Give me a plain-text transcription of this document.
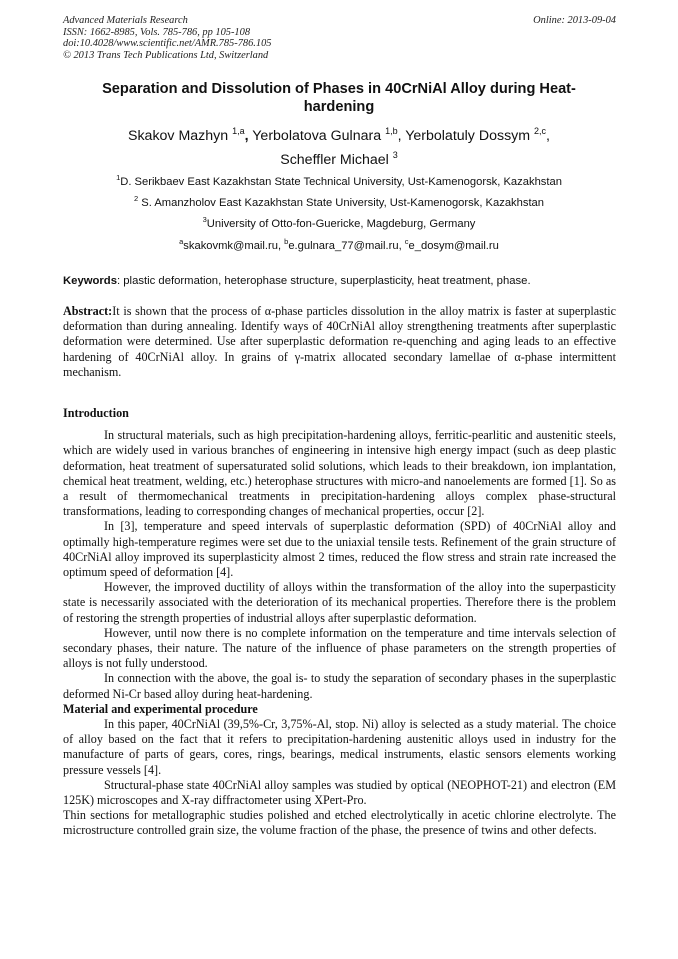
Advanced Materials Research
ISSN: 1662-8985, Vols. 785-786, pp 105-108
doi:10.4028/www.scientific.net/AMR.785-786.105
© 2013 Trans Tech Publications Ltd, Switzerland
Online: 2013-09-04
Separation and Dissolution of Phases in 40CrNiAl Alloy during Heat-hardening
Skakov Mazhyn $^{1,a}$, Yerbolatova Gulnara $^{1,b}$, Yerbolatuly Dossym $^{2,c}$,
Scheffler Michael $^3$
$^1$D. Serikbaev East Kazakhstan State Technical University, Ust-Kamenogorsk, Kazakhstan
$^2$ S. Amanzholov East Kazakhstan State University, Ust-Kamenogorsk, Kazakhstan
$^3$University of Otto-fon-Guericke, Magdeburg, Germany
$^a$skakovmk@mail.ru, $^b$e.gulnara_77@mail.ru, $^c$e_dosym@mail.ru
Keywords: plastic deformation, heterophase structure, superplasticity, heat treatment, phase.

Abstract:It is shown that the process of α-phase particles dissolution in the alloy matrix is faster at superplastic deformation than during annealing. Identify ways of 40CrNiAl alloy strengthening treatments after superplastic deformation were determined. Use after superplastic deformation re-quenching and aging leads to an effective hardening of 40CrNiAl alloy. In grains of γ-matrix allocated secondary lamellae of α-phase intermittent mechanism.

Introduction

In structural materials, such as high precipitation-hardening alloys, ferritic-pearlitic and austenitic steels, which are widely used in various branches of engineering in intensive high energy impact (such as deep plastic deformation, heat treatment of supersaturated solid solutions, which leads to their breakdown, ion implantation, chemical heat treatment, welding, etc.) heterophase structures with micro-and nanoelements are formed [1]. So as a result of thermomechanical treatments in precipitation-hardening alloys complex phase-structural transformations, leading to corresponding changes of mechanical properties, occur [2].

In [3], temperature and speed intervals of superplastic deformation (SPD) of 40CrNiAl alloy and optimally high-temperature regimes were set due to the uniaxial tensile tests. Refinement of the grain structure of 40CrNiAl alloy improved its superplasticity almost 2 times, reduced the flow stress and strain rate increased the optimum speed of deformation [4].

However, the improved ductility of alloys within the transformation of the alloy into the superpasticity state is necessarily associated with the deterioration of its mechanical properties. Therefore there is the problem of restoring the strength properties of industrial alloys after superplastic deformation.

However, until now there is no complete information on the temperature and time intervals selection of secondary phases, their nature. The nature of the influence of phase parameters on the strength properties of alloys is not fully understood.

In connection with the above, the goal is- to study the separation of secondary phases in the superplastic deformed Ni-Cr based alloy during heat-hardening.

Material and experimental procedure

In this paper, 40CrNiAl (39,5%-Cr, 3,75%-Al, stop. Ni) alloy is selected as a study material. The choice of alloy based on the fact that it refers to precipitation-hardening austenitic alloys used in industry for the manufacture of parts of gears, cores, rings, bearings, medical instruments, elastic sensors elements working pressure vessels [4].

Structural-phase state 40CrNiAl alloy samples was studied by optical (NEOPHOT-21) and electron (EM 125K) microscopes and X-ray diffractometer using XPert-Pro.

Thin sections for metallographic studies polished and etched electrolytically in acetic chlorine electrolyte. The microstructure controlled grain size, the volume fraction of the phase, the presence of twins and other defects.
